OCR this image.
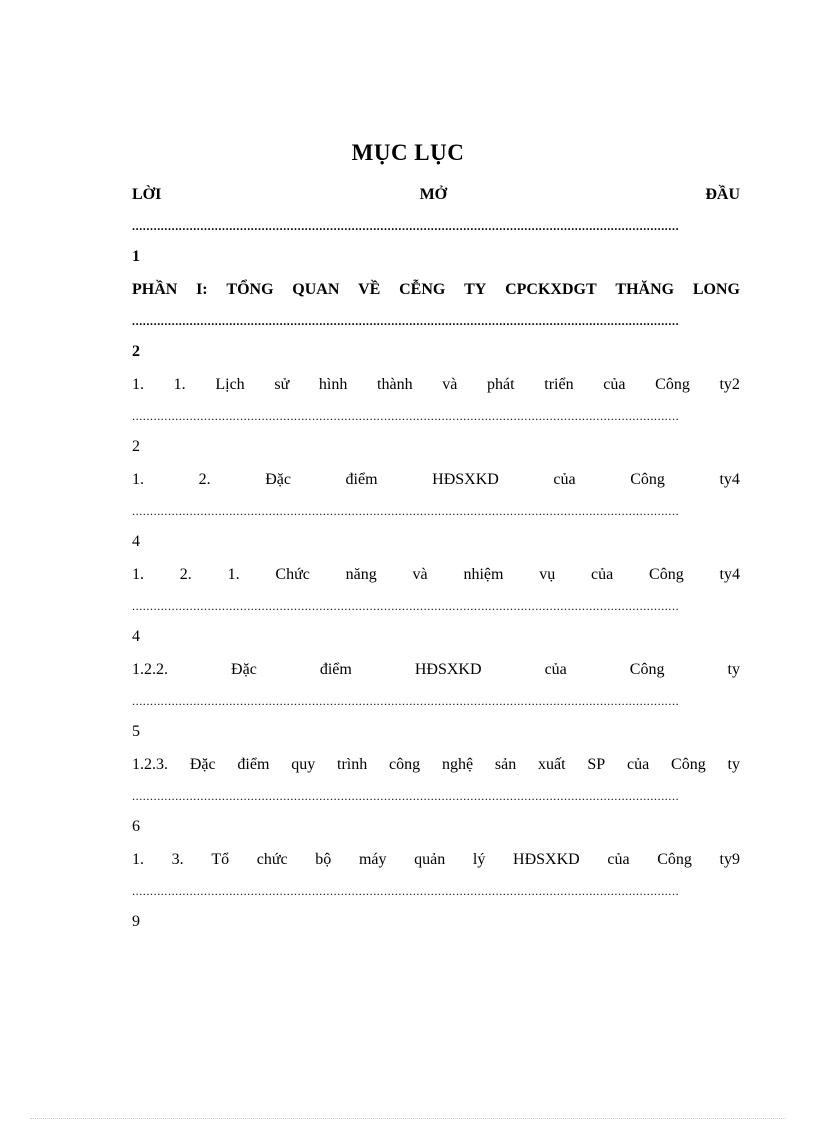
MỤC LỤC
LỜI	MỞ	ĐẦU
........................................................................................................................................................
1
PHẦN I: TỔNG QUAN VỀ CỄNG TY CPCKXDGT THĂNG LONG
........................................................................................................................................................
2
1. 1. Lịch sử hình thành và phát triển của Công ty2
........................................................................................................................................................
2
1.	2.	Đặc	điểm	HĐSXKD	của	Công	ty4
........................................................................................................................................................
4
1. 2. 1. Chức năng và nhiệm vụ của Công ty4
........................................................................................................................................................
4
1.2.2.	Đặc	điểm	HĐSXKD	của	Công	ty
........................................................................................................................................................
5
1.2.3. Đặc điểm quy trình công nghệ sản xuất SP của Công ty
........................................................................................................................................................
6
1. 3. Tổ chức bộ máy quản lý HĐSXKD của Công ty9
........................................................................................................................................................
9
